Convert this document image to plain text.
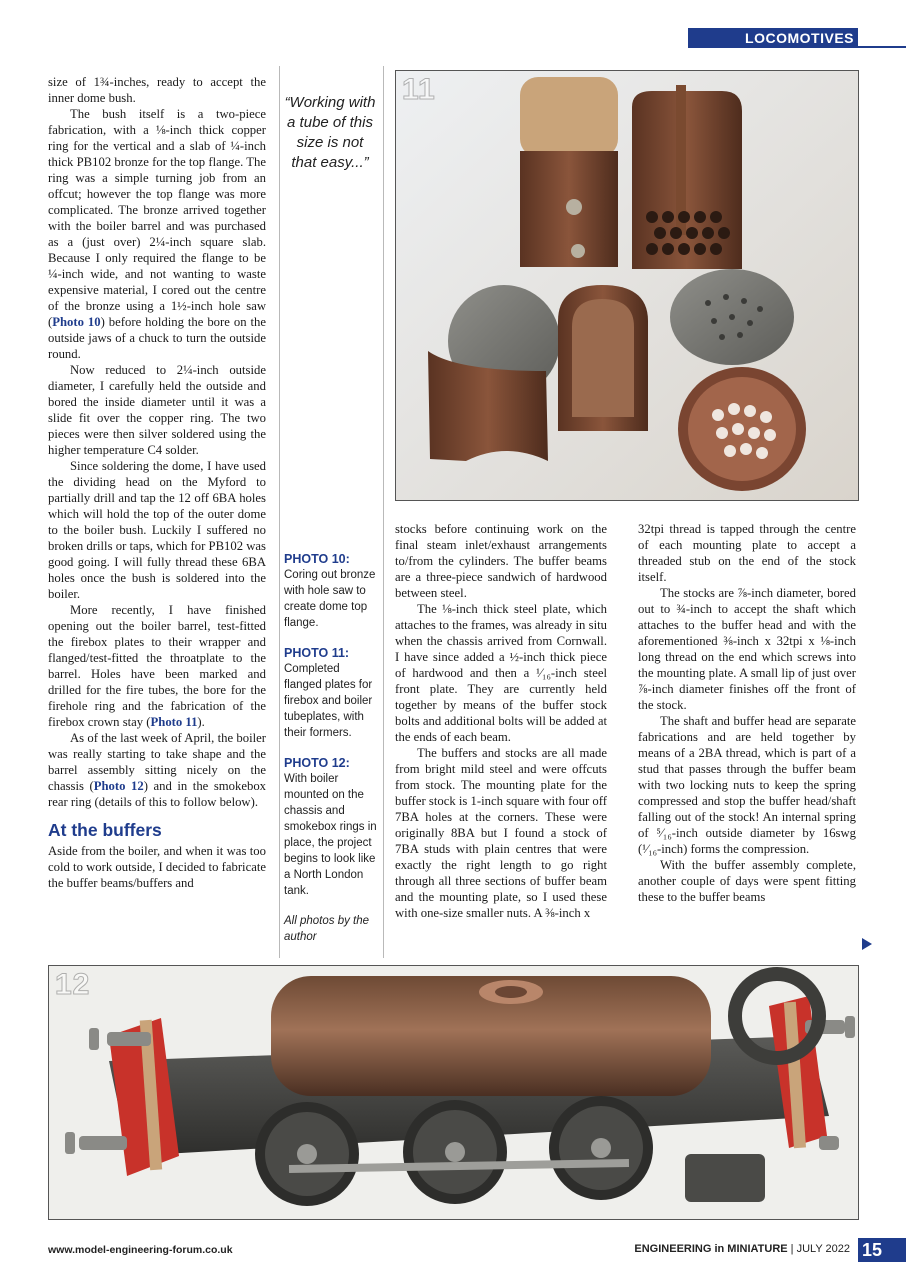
LOCOMOTIVES

size of 1¾-inches, ready to accept the inner dome bush.

The bush itself is a two-piece fabrication, with a ⅛-inch thick copper ring for the vertical and a slab of ¼-inch thick PB102 bronze for the top flange. The ring was a simple turning job from an offcut; however the top flange was more complicated. The bronze arrived together with the boiler barrel and was purchased as a (just over) 2¼-inch square slab. Because I only required the flange to be ¼-inch wide, and not wanting to waste expensive material, I cored out the centre of the bronze using a 1½-inch hole saw (Photo 10) before holding the bore on the outside jaws of a chuck to turn the outside round.

Now reduced to 2¼-inch outside diameter, I carefully held the outside and bored the inside diameter until it was a slide fit over the copper ring. The two pieces were then silver soldered using the higher temperature C4 solder.

Since soldering the dome, I have used the dividing head on the Myford to partially drill and tap the 12 off 6BA holes which will hold the top of the outer dome to the boiler bush. Luckily I suffered no broken drills or taps, which for PB102 was good going. I will fully thread these 6BA holes once the bush is soldered into the boiler.

More recently, I have finished opening out the boiler barrel, test-fitted the firebox plates to their wrapper and flanged/test-fitted the throatplate to the barrel. Holes have been marked and drilled for the fire tubes, the bore for the firehole ring and the fabrication of the firebox crown stay (Photo 11).

As of the last week of April, the boiler was really starting to take shape and the barrel assembly sitting nicely on the chassis (Photo 12) and in the smokebox rear ring (details of this to follow below).

At the buffers

Aside from the boiler, and when it was too cold to work outside, I decided to fabricate the buffer beams/buffers and

“Working with a tube of this size is not that easy...”
PHOTO 10:
Coring out bronze with hole saw to create dome top flange.
PHOTO 11:
Completed flanged plates for firebox and boiler tubeplates, with their formers.
PHOTO 12:
With boiler mounted on the chassis and smokebox rings in place, the project begins to look like a North London tank.
All photos by the author
11

stocks before continuing work on the final steam inlet/exhaust arrangements to/from the cylinders. The buffer beams are a three-piece sandwich of hardwood between steel.

The ⅛-inch thick steel plate, which attaches to the frames, was already in situ when the chassis arrived from Cornwall. I have since added a ½-inch thick piece of hardwood and then a ¹⁄₁₆-inch steel front plate. They are currently held together by means of the buffer stock bolts and additional bolts will be added at the ends of each beam.

The buffers and stocks are all made from bright mild steel and were offcuts from stock. The mounting plate for the buffer stock is 1-inch square with four off 7BA holes at the corners. These were originally 8BA but I found a stock of 7BA studs with plain centres that were exactly the right length to go right through all three sections of buffer beam and the mounting plate, so I used these with one-size smaller nuts. A ⅜-inch x

32tpi thread is tapped through the centre of each mounting plate to accept a threaded stub on the end of the stock itself.

The stocks are ⅞-inch diameter, bored out to ¾-inch to accept the shaft which attaches to the buffer head and with the aforementioned ⅜-inch x 32tpi x ⅛-inch long thread on the end which screws into the mounting plate. A small lip of just over ⅞-inch diameter finishes off the front of the stock.

The shaft and buffer head are separate fabrications and are held together by means of a 2BA thread, which is part of a stud that passes through the buffer beam with two locking nuts to keep the spring compressed and stop the buffer head/shaft falling out of the stock! An internal spring of ⁵⁄₁₆-inch outside diameter by 16swg (¹⁄₁₆-inch) forms the compression.

With the buffer assembly complete, another couple of days were spent fitting these to the buffer beams

12
www.model-engineering-forum.co.uk	ENGINEERING in MINIATURE | JULY 2022 15
